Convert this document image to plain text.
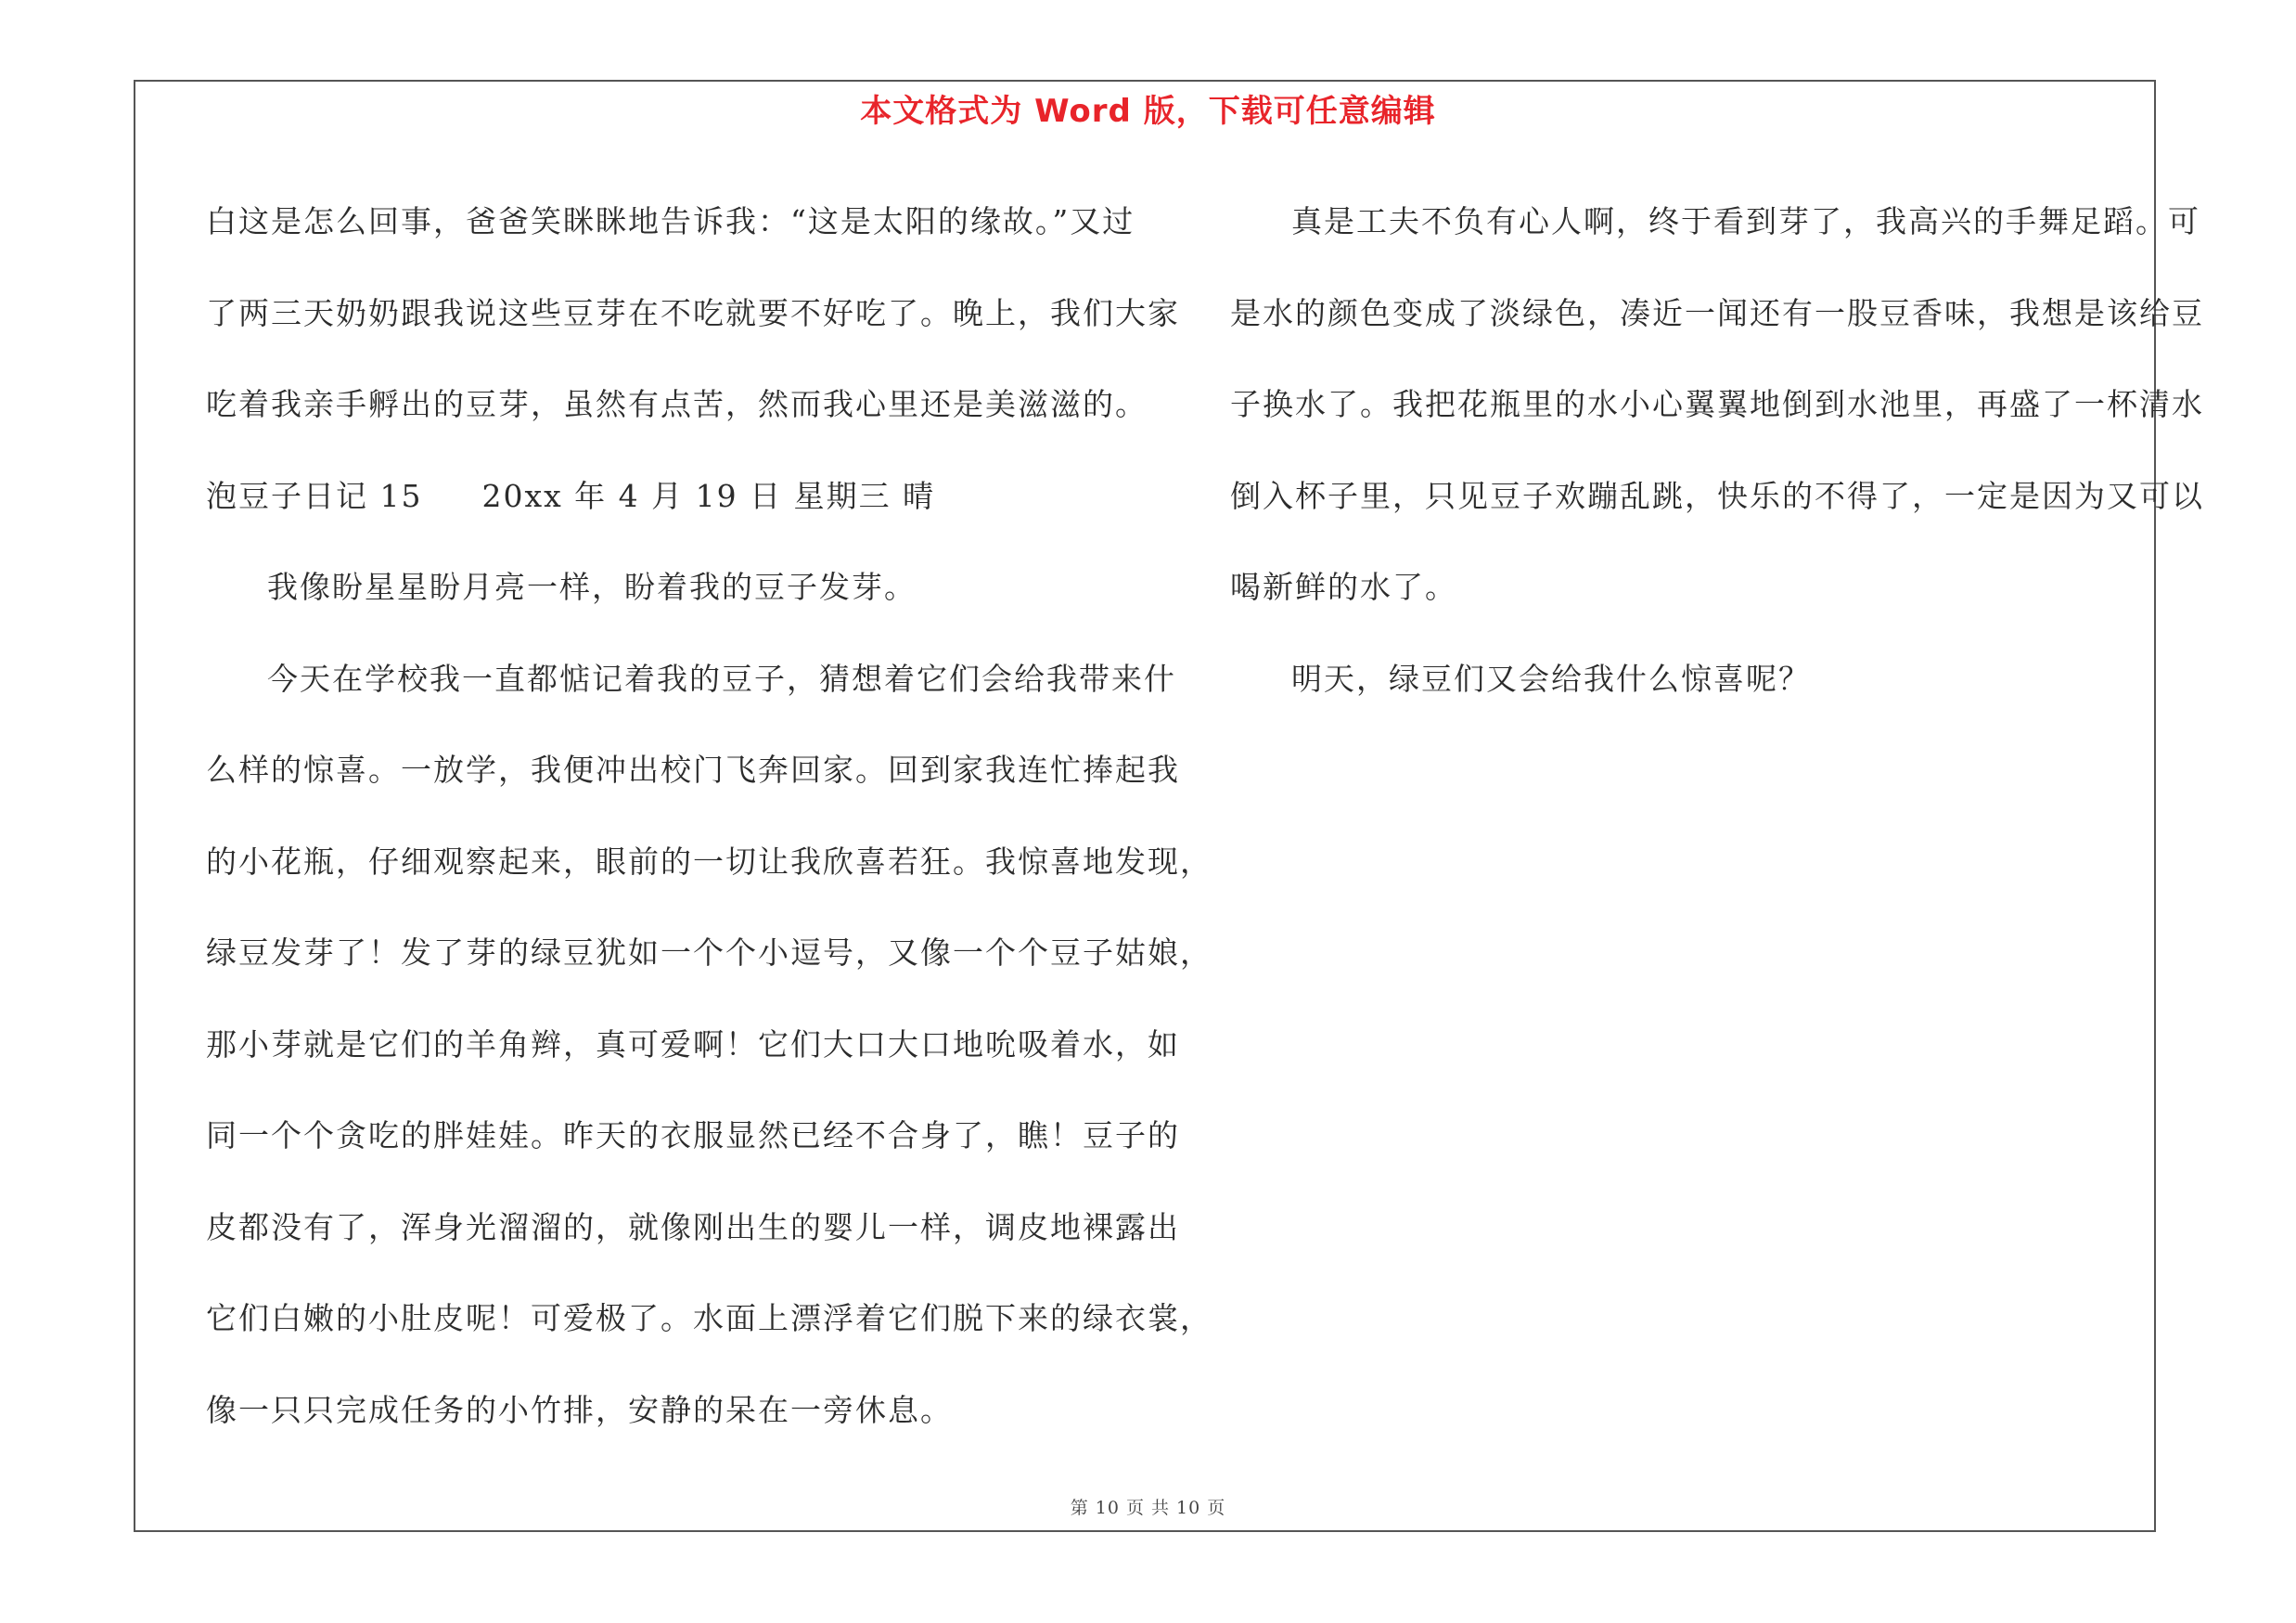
本文格式为 Word 版，下载可任意编辑
白这是怎么回事，爸爸笑眯眯地告诉我：“这是太阳的缘故。”又过
了两三天奶奶跟我说这些豆芽在不吃就要不好吃了。晚上，我们大家
吃着我亲手孵出的豆芽，虽然有点苦，然而我心里还是美滋滋的。
泡豆子日记 15 20xx 年 4 月 19 日 星期三 晴
我像盼星星盼月亮一样，盼着我的豆子发芽。
今天在学校我一直都惦记着我的豆子，猜想着它们会给我带来什
么样的惊喜。一放学，我便冲出校门飞奔回家。回到家我连忙捧起我
的小花瓶，仔细观察起来，眼前的一切让我欣喜若狂。我惊喜地发现，
绿豆发芽了！发了芽的绿豆犹如一个个小逗号，又像一个个豆子姑娘，
那小芽就是它们的羊角辫，真可爱啊！它们大口大口地吮吸着水，如
同一个个贪吃的胖娃娃。昨天的衣服显然已经不合身了，瞧！豆子的
皮都没有了，浑身光溜溜的，就像刚出生的婴儿一样，调皮地裸露出
它们白嫩的小肚皮呢！可爱极了。水面上漂浮着它们脱下来的绿衣裳，
像一只只完成任务的小竹排，安静的呆在一旁休息。
真是工夫不负有心人啊，终于看到芽了，我高兴的手舞足蹈。可
是水的颜色变成了淡绿色，凑近一闻还有一股豆香味，我想是该给豆
子换水了。我把花瓶里的水小心翼翼地倒到水池里，再盛了一杯清水
倒入杯子里，只见豆子欢蹦乱跳，快乐的不得了，一定是因为又可以
喝新鲜的水了。
明天，绿豆们又会给我什么惊喜呢？
第 10 页 共 10 页
